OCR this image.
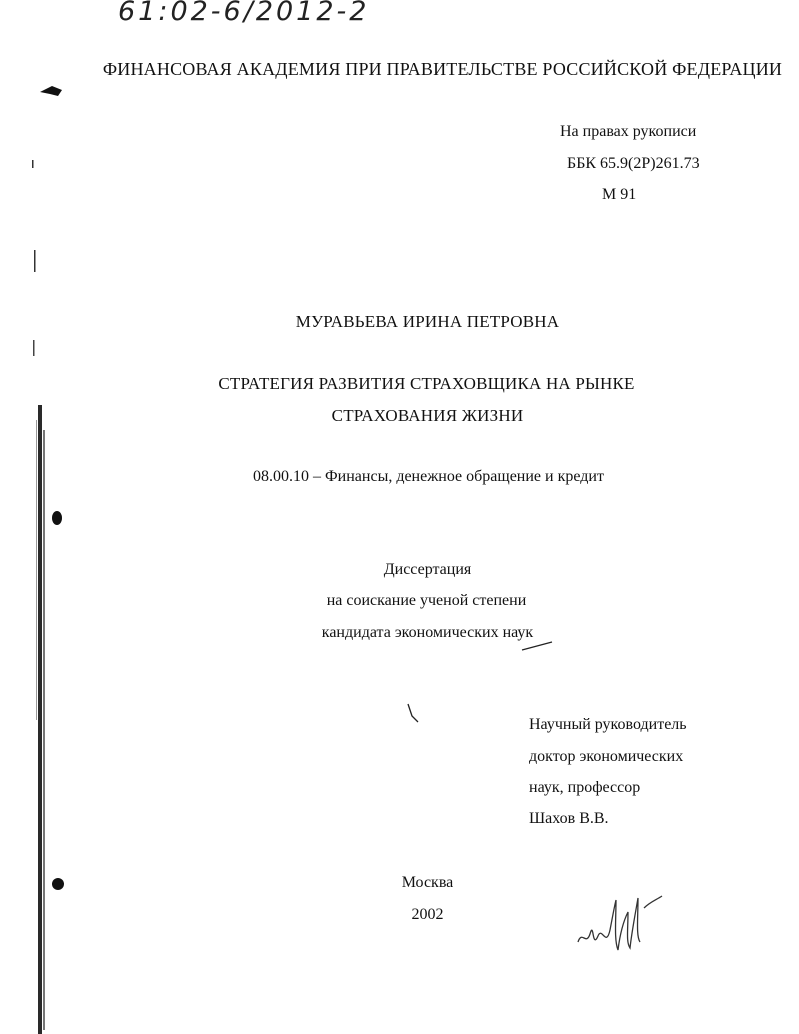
61:02-6/2012-2
ФИНАНСОВАЯ АКАДЕМИЯ ПРИ ПРАВИТЕЛЬСТВЕ РОССИЙСКОЙ ФЕДЕРАЦИИ
На правах рукописи
ББК 65.9(2Р)261.73
М 91
МУРАВЬЕВА ИРИНА ПЕТРОВНА
СТРАТЕГИЯ РАЗВИТИЯ СТРАХОВЩИКА НА РЫНКЕ
СТРАХОВАНИЯ ЖИЗНИ
08.00.10 – Финансы, денежное обращение и кредит
Диссертация
на соискание ученой степени
кандидата экономических наук
Научный руководитель
доктор экономических
наук, профессор
Шахов В.В.
Москва
2002
